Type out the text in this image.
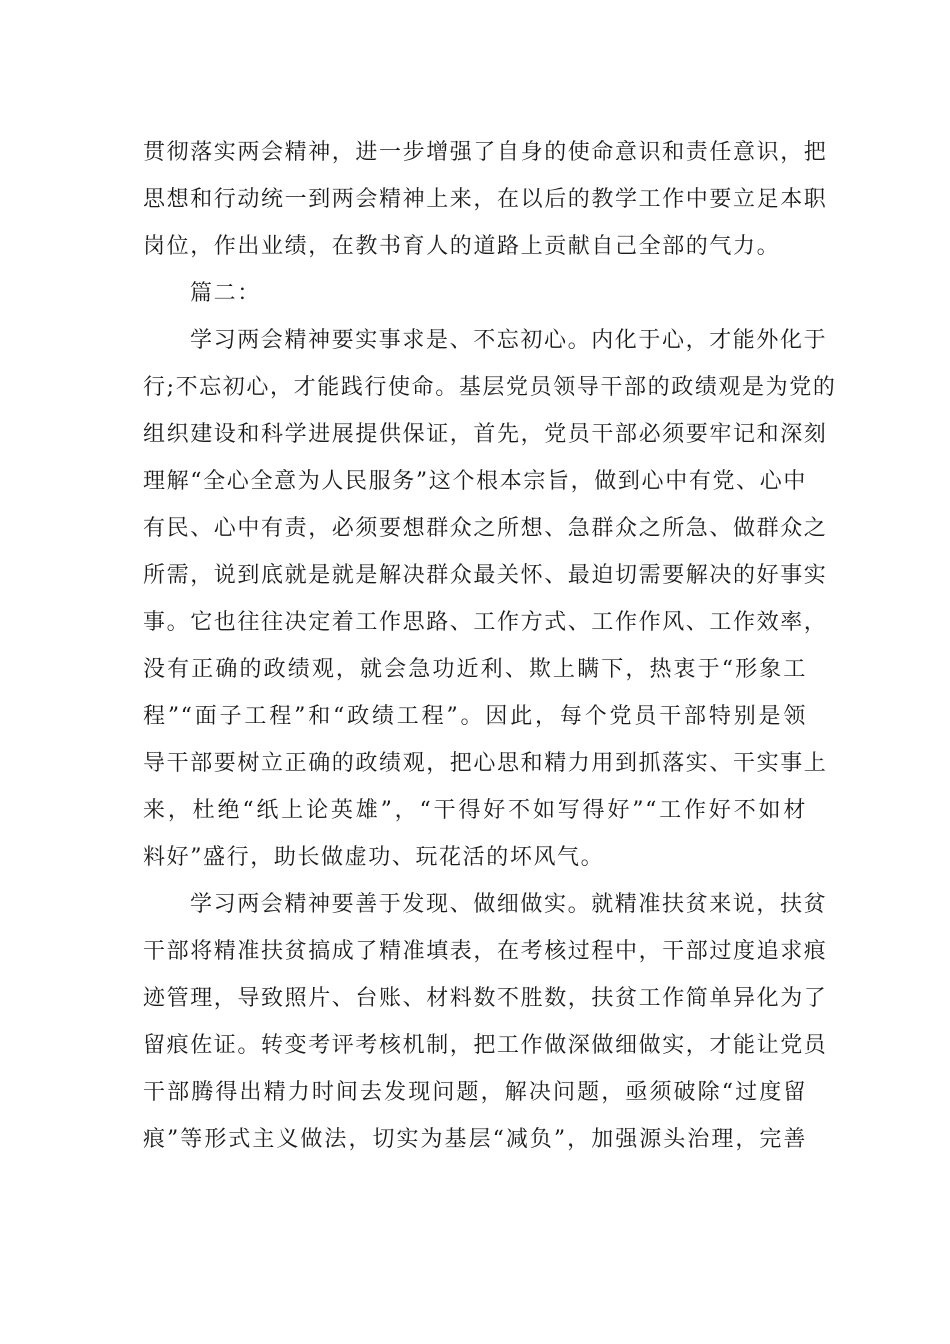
贯彻落实两会精神，进一步增强了自身的使命意识和责任意识，把
思想和行动统一到两会精神上来，在以后的教学工作中要立足本职
岗位，作出业绩，在教书育人的道路上贡献自己全部的气力。

篇二：

学习两会精神要实事求是、不忘初心。内化于心，才能外化于
行;不忘初心，才能践行使命。基层党员领导干部的政绩观是为党的
组织建设和科学进展提供保证，首先，党员干部必须要牢记和深刻
理解“全心全意为人民服务”这个根本宗旨，做到心中有党、心中
有民、心中有责，必须要想群众之所想、急群众之所急、做群众之
所需，说到底就是就是解决群众最关怀、最迫切需要解决的好事实
事。它也往往决定着工作思路、工作方式、工作作风、工作效率，
没有正确的政绩观，就会急功近利、欺上瞒下，热衷于“形象工
程”“面子工程”和“政绩工程”。因此，每个党员干部特别是领
导干部要树立正确的政绩观，把心思和精力用到抓落实、干实事上
来，杜绝“纸上论英雄”，“干得好不如写得好”“工作好不如材
料好”盛行，助长做虚功、玩花活的坏风气。

学习两会精神要善于发现、做细做实。就精准扶贫来说，扶贫
干部将精准扶贫搞成了精准填表，在考核过程中，干部过度追求痕
迹管理，导致照片、台账、材料数不胜数，扶贫工作简单异化为了
留痕佐证。转变考评考核机制，把工作做深做细做实，才能让党员
干部腾得出精力时间去发现问题，解决问题，亟须破除“过度留
痕”等形式主义做法，切实为基层“减负”，加强源头治理，完善
